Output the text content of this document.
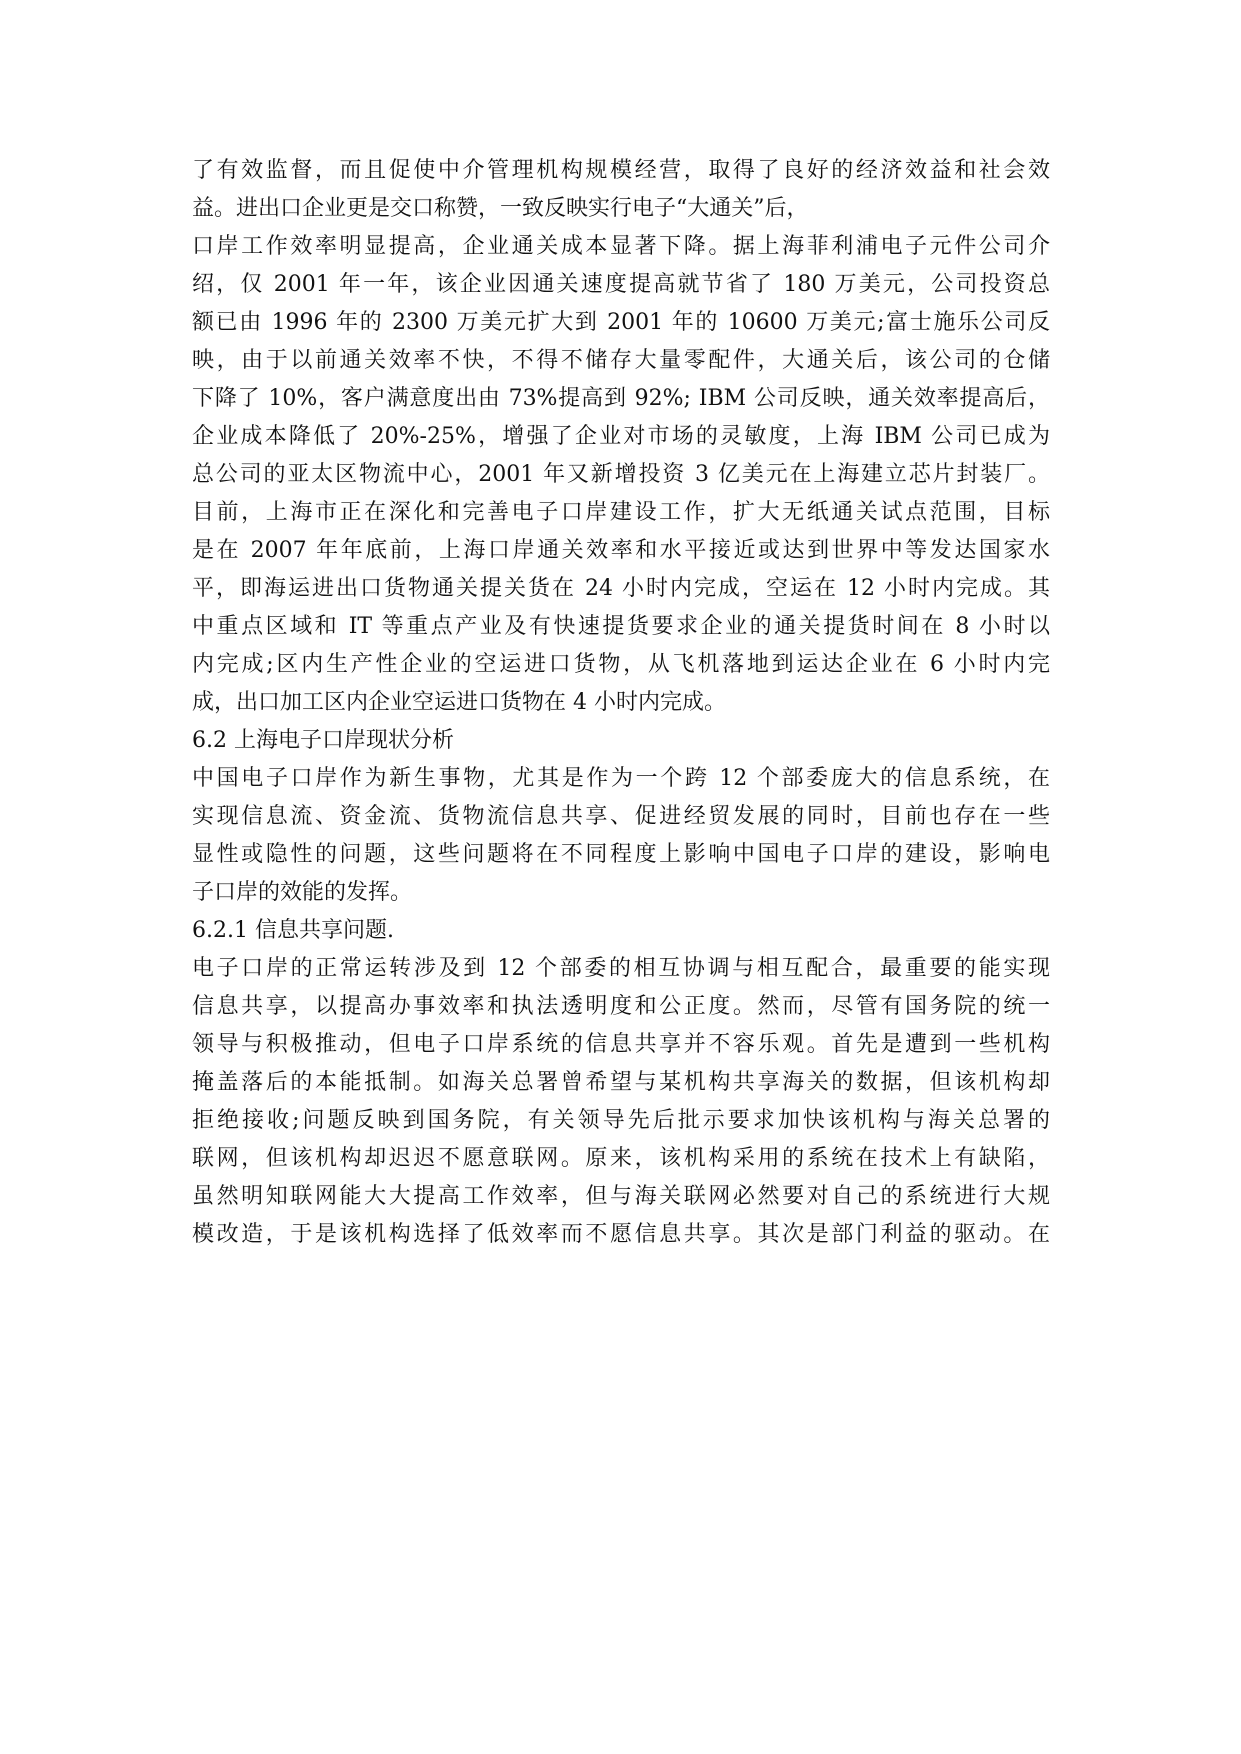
了有效监督，而且促使中介管理机构规模经营，取得了良好的经济效益和社会效
益。进出口企业更是交口称赞，一致反映实行电子“大通关”后，
口岸工作效率明显提高，企业通关成本显著下降。据上海菲利浦电子元件公司介
绍，仅 2001 年一年，该企业因通关速度提高就节省了 180 万美元，公司投资总
额已由 1996 年的 2300 万美元扩大到 2001 年的 10600 万美元;富士施乐公司反
映，由于以前通关效率不快，不得不储存大量零配件，大通关后，该公司的仓储
下降了 10%，客户满意度出由 73%提高到 92%; IBM 公司反映，通关效率提高后，
企业成本降低了 20%-25%，增强了企业对市场的灵敏度，上海 IBM 公司已成为
总公司的亚太区物流中心，2001 年又新增投资 3 亿美元在上海建立芯片封装厂。
目前，上海市正在深化和完善电子口岸建设工作，扩大无纸通关试点范围，目标
是在 2007 年年底前，上海口岸通关效率和水平接近或达到世界中等发达国家水
平，即海运进出口货物通关提关货在 24 小时内完成，空运在 12 小时内完成。其
中重点区域和 IT 等重点产业及有快速提货要求企业的通关提货时间在 8 小时以
内完成;区内生产性企业的空运进口货物，从飞机落地到运达企业在 6 小时内完
成，出口加工区内企业空运进口货物在 4 小时内完成。
6.2 上海电子口岸现状分析
中国电子口岸作为新生事物，尤其是作为一个跨 12 个部委庞大的信息系统，在
实现信息流、资金流、货物流信息共享、促进经贸发展的同时，目前也存在一些
显性或隐性的问题，这些问题将在不同程度上影响中国电子口岸的建设，影响电
子口岸的效能的发挥。
6.2.1 信息共享问题.
电子口岸的正常运转涉及到 12 个部委的相互协调与相互配合，最重要的能实现
信息共享，以提高办事效率和执法透明度和公正度。然而，尽管有国务院的统一
领导与积极推动，但电子口岸系统的信息共享并不容乐观。首先是遭到一些机构
掩盖落后的本能抵制。如海关总署曾希望与某机构共享海关的数据，但该机构却
拒绝接收;问题反映到国务院，有关领导先后批示要求加快该机构与海关总署的
联网，但该机构却迟迟不愿意联网。原来，该机构采用的系统在技术上有缺陷，
虽然明知联网能大大提高工作效率，但与海关联网必然要对自己的系统进行大规
模改造，于是该机构选择了低效率而不愿信息共享。其次是部门利益的驱动。在
